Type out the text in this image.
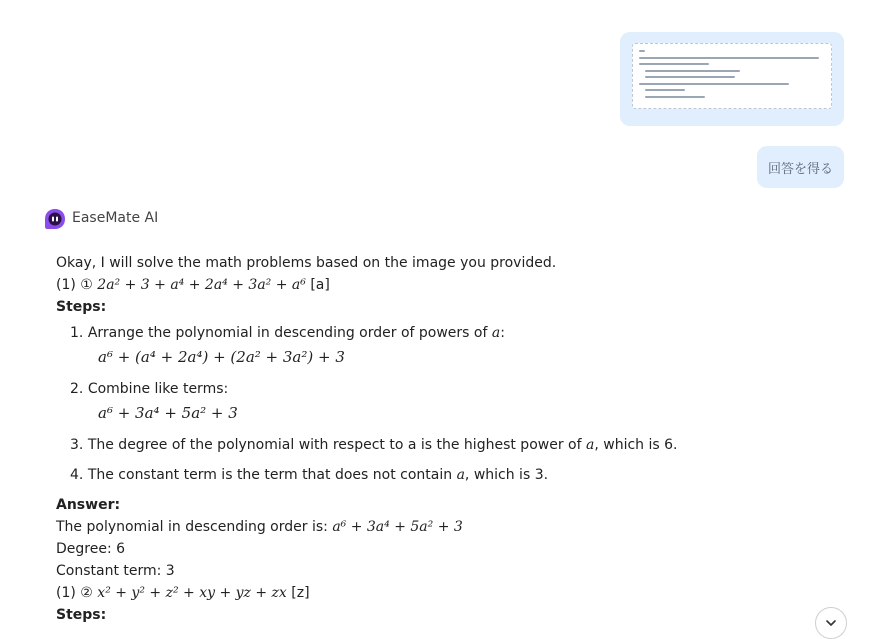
回答を得る
EaseMate AI
Okay, I will solve the math problems based on the image you provided.
(1) ① 2a² + 3 + a⁴ + 2a⁴ + 3a² + a⁶ [a]
Steps:
1. Arrange the polynomial in descending order of powers of a:
a⁶ + (a⁴ + 2a⁴) + (2a² + 3a²) + 3
2. Combine like terms:
a⁶ + 3a⁴ + 5a² + 3
3. The degree of the polynomial with respect to a is the highest power of a, which is 6.
4. The constant term is the term that does not contain a, which is 3.
Answer:
The polynomial in descending order is: a⁶ + 3a⁴ + 5a² + 3
Degree: 6
Constant term: 3
(1) ② x² + y² + z² + xy + yz + zx [z]
Steps:
